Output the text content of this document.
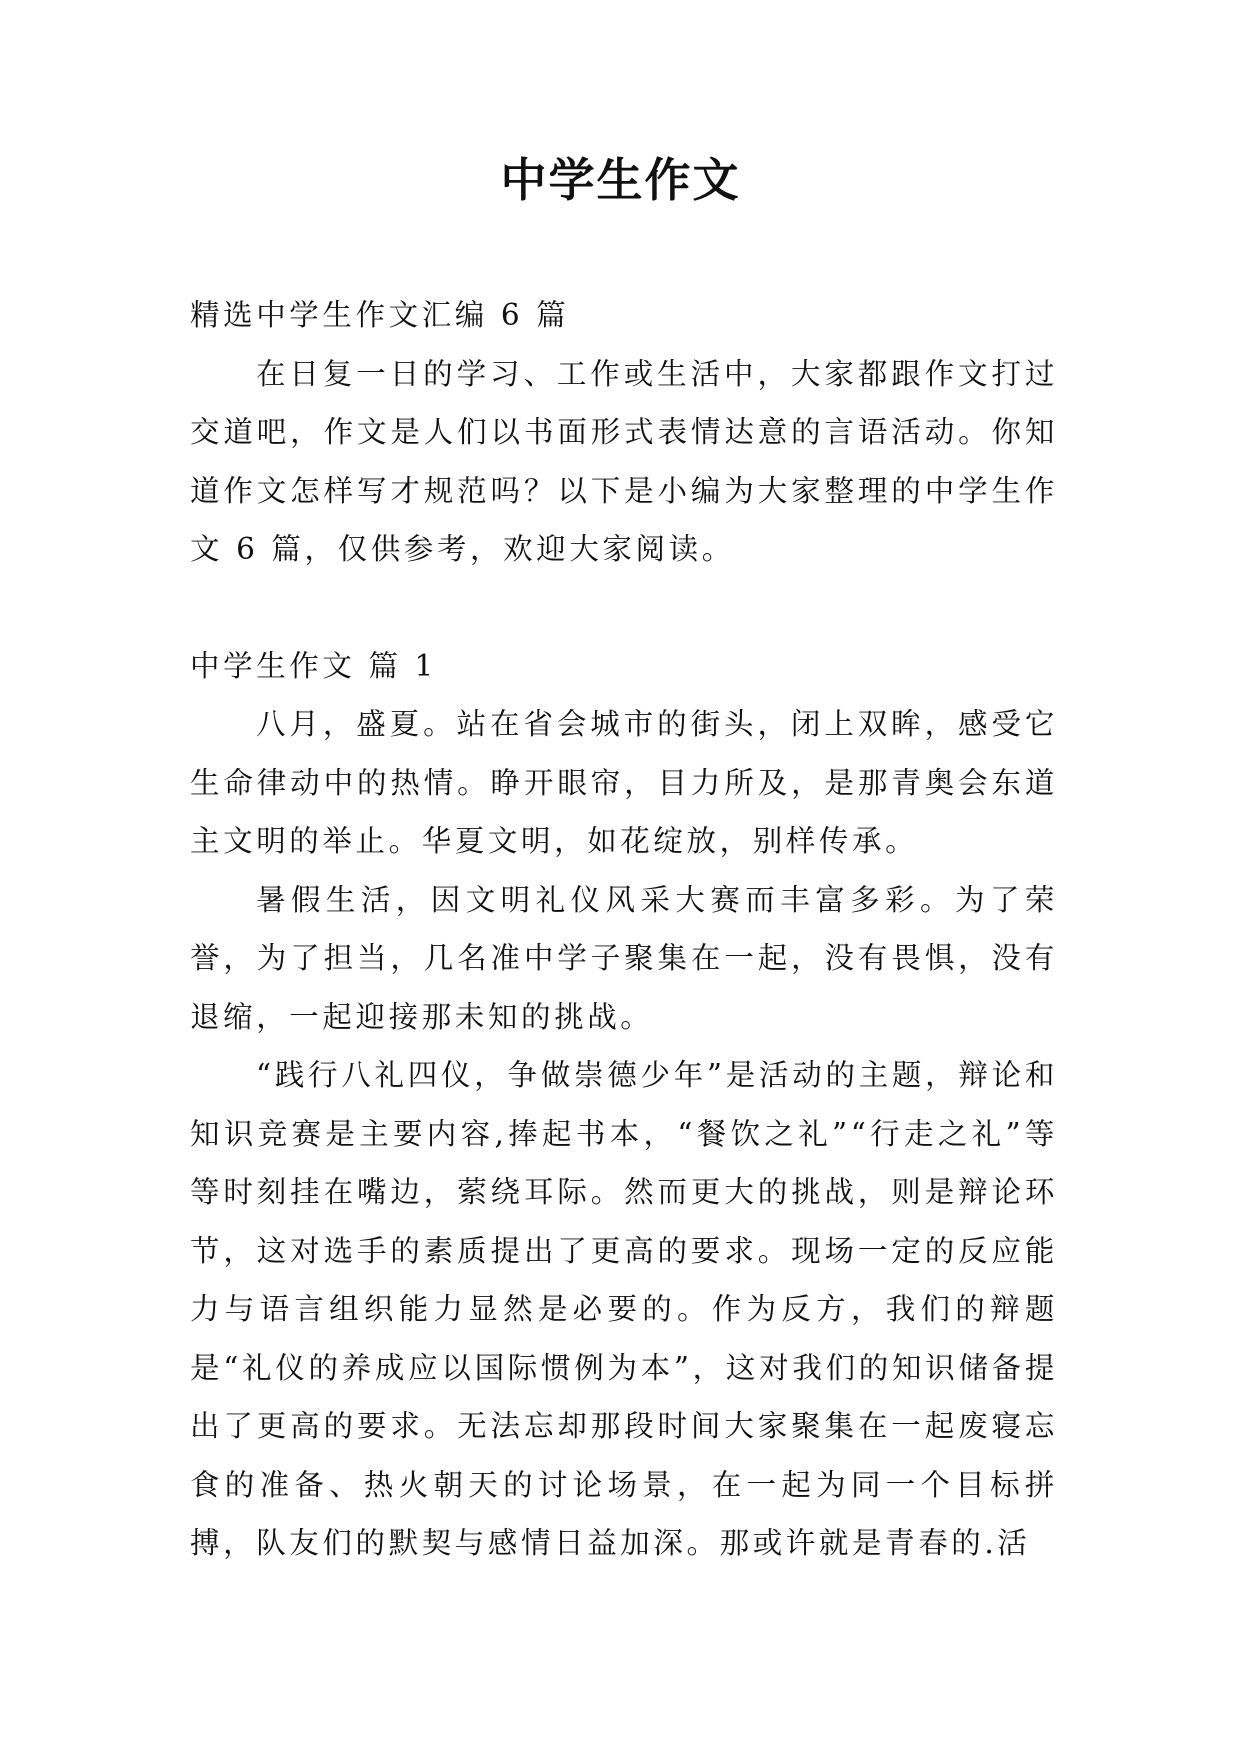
中学生作文

精选中学生作文汇编 6 篇

在日复一日的学习、工作或生活中，大家都跟作文打过交道吧，作文是人们以书面形式表情达意的言语活动。你知道作文怎样写才规范吗？以下是小编为大家整理的中学生作文 6 篇，仅供参考，欢迎大家阅读。

中学生作文 篇 1

八月，盛夏。站在省会城市的街头，闭上双眸，感受它生命律动中的热情。睁开眼帘，目力所及，是那青奥会东道主文明的举止。华夏文明，如花绽放，别样传承。

暑假生活，因文明礼仪风采大赛而丰富多彩。为了荣誉，为了担当，几名准中学子聚集在一起，没有畏惧，没有退缩，一起迎接那未知的挑战。

“践行八礼四仪，争做崇德少年”是活动的主题，辩论和知识竞赛是主要内容,捧起书本，“餐饮之礼”“行走之礼”等等时刻挂在嘴边，萦绕耳际。然而更大的挑战，则是辩论环节，这对选手的素质提出了更高的要求。现场一定的反应能力与语言组织能力显然是必要的。作为反方，我们的辩题是“礼仪的养成应以国际惯例为本”，这对我们的知识储备提出了更高的要求。无法忘却那段时间大家聚集在一起废寝忘食的准备、热火朝天的讨论场景，在一起为同一个目标拼搏，队友们的默契与感情日益加深。那或许就是青春的.活
